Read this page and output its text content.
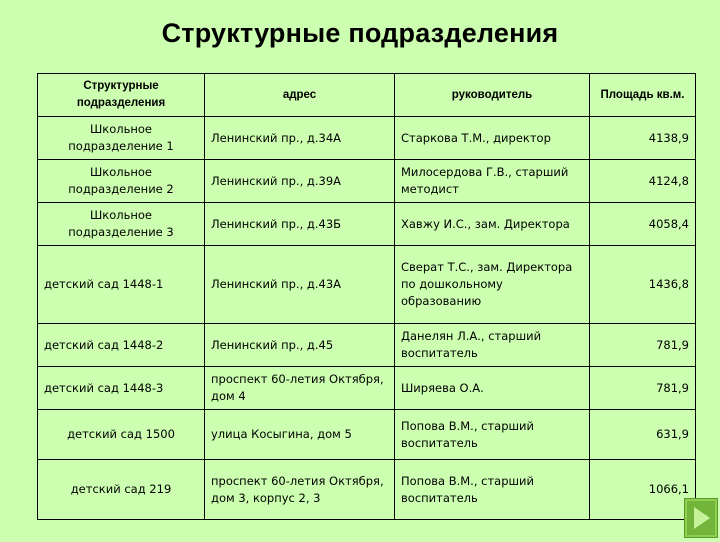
Структурные подразделения
Структурные подразделения	адрес	руководитель	Площадь кв.м.
Школьное подразделение 1	Ленинский пр., д.34А	Старкова Т.М., директор	4138,9
Школьное подразделение 2	Ленинский пр., д.39А	Милосердова Г.В., старший методист	4124,8
Школьное подразделение 3	Ленинский пр., д.43Б	Хавжу И.С., зам. Директора	4058,4
детский сад 1448-1	Ленинский пр., д.43А	Сверат Т.С., зам. Директора по дошкольному образованию	1436,8
детский сад 1448-2	Ленинский пр., д.45	Данелян Л.А., старший воспитатель	781,9
детский сад 1448-3	проспект 60-летия Октября, дом 4	Ширяева О.А.	781,9
детский сад 1500	улица Косыгина, дом 5	Попова В.М., старший воспитатель	631,9
детский сад 219	проспект 60-летия Октября, дом 3, корпус 2, 3	Попова В.М., старший воспитатель	1066,1
